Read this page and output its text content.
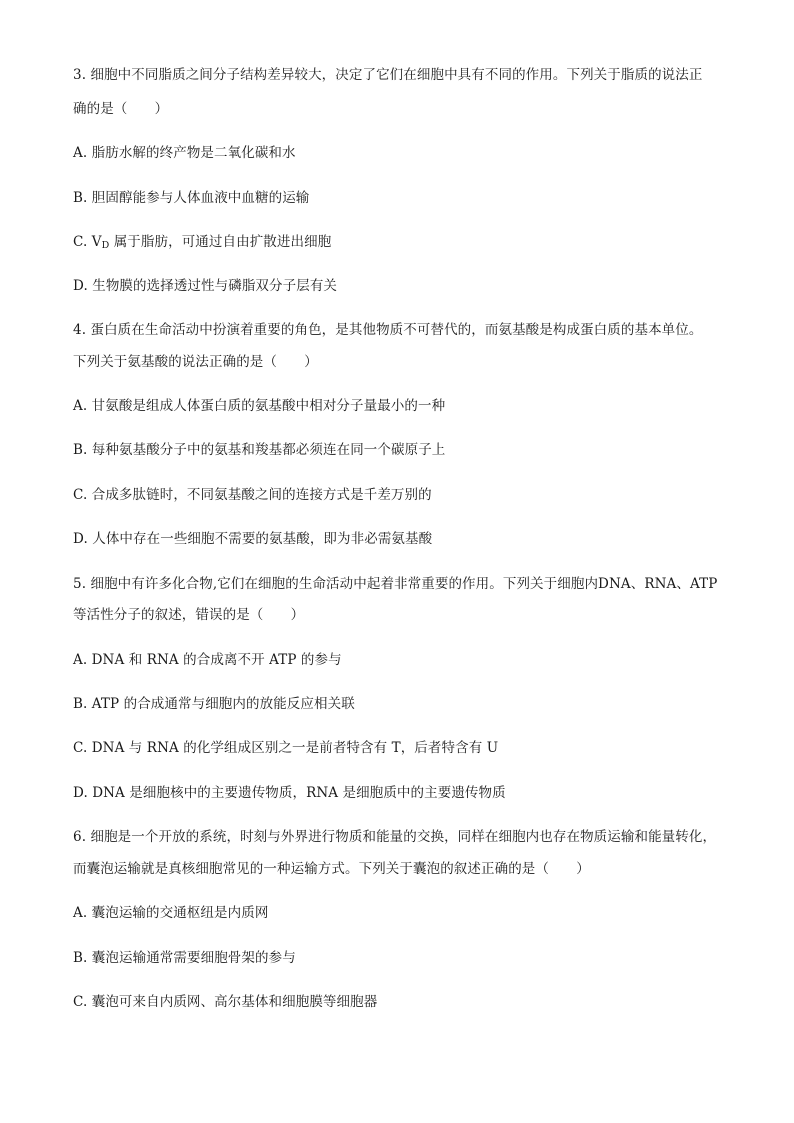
3. 细胞中不同脂质之间分子结构差异较大，决定了它们在细胞中具有不同的作用。下列关于脂质的说法正
确的是（　　）
A. 脂肪水解的终产物是二氧化碳和水
B. 胆固醇能参与人体血液中血糖的运输
C. $V_D$ 属于脂肪，可通过自由扩散进出细胞
D. 生物膜的选择透过性与磷脂双分子层有关
4. 蛋白质在生命活动中扮演着重要的角色，是其他物质不可替代的，而氨基酸是构成蛋白质的基本单位。
下列关于氨基酸的说法正确的是（　　）
A. 甘氨酸是组成人体蛋白质的氨基酸中相对分子量最小的一种
B. 每种氨基酸分子中的氨基和羧基都必须连在同一个碳原子上
C. 合成多肽链时，不同氨基酸之间的连接方式是千差万别的
D. 人体中存在一些细胞不需要的氨基酸，即为非必需氨基酸
5. 细胞中有许多化合物,它们在细胞的生命活动中起着非常重要的作用。下列关于细胞内DNA、RNA、ATP
等活性分子的叙述，错误的是（　　）
A. DNA 和 RNA 的合成离不开 ATP 的参与
B. ATP 的合成通常与细胞内的放能反应相关联
C. DNA 与 RNA 的化学组成区别之一是前者特含有 T，后者特含有 U
D. DNA 是细胞核中的主要遗传物质，RNA 是细胞质中的主要遗传物质
6. 细胞是一个开放的系统，时刻与外界进行物质和能量的交换，同样在细胞内也存在物质运输和能量转化，
而囊泡运输就是真核细胞常见的一种运输方式。下列关于囊泡的叙述正确的是（　　）
A. 囊泡运输的交通枢纽是内质网
B. 囊泡运输通常需要细胞骨架的参与
C. 囊泡可来自内质网、高尔基体和细胞膜等细胞器
